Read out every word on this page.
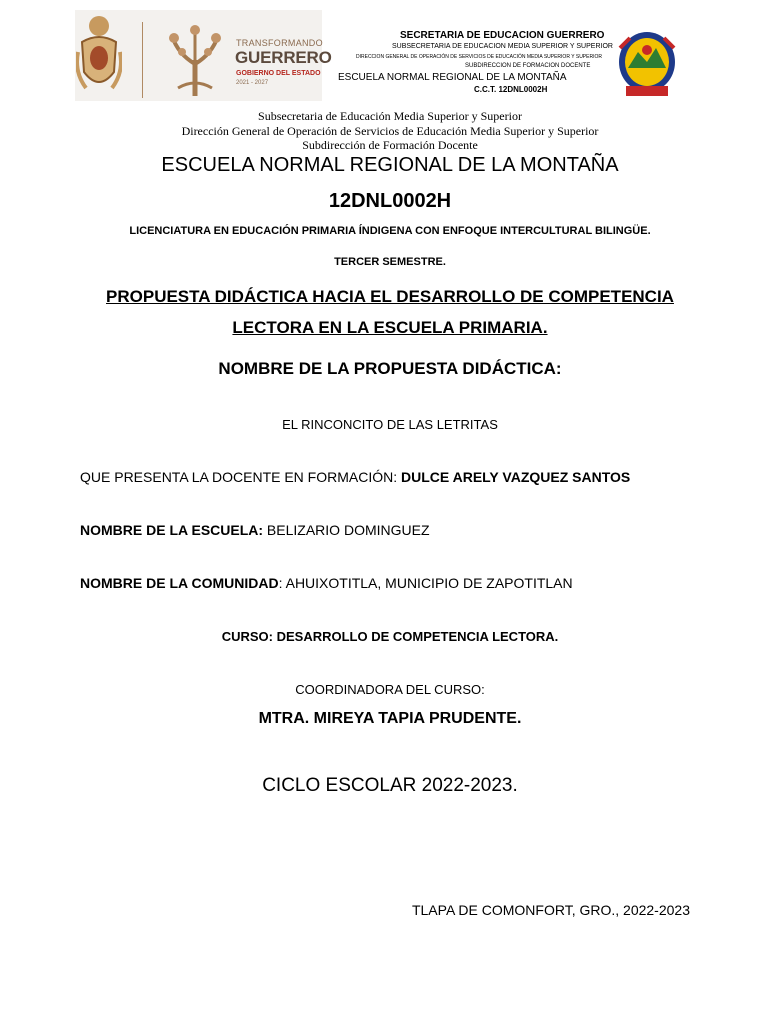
TRANSFORMANDO
GUERRERO
GOBIERNO DEL ESTADO
2021 - 2027
SECRETARIA DE EDUCACION GUERRERO
SUBSECRETARIA DE EDUCACION MEDIA SUPERIOR Y SUPERIOR
DIRECCION GENERAL DE OPERACIÓN DE SERVICIOS DE EDUCACIÓN MEDIA SUPERIOR Y SUPERIOR
SUBDIRECCION DE FORMACION DOCENTE
ESCUELA NORMAL REGIONAL DE LA MONTAÑA
C.C.T. 12DNL0002H
Subsecretaria de Educación Media Superior y Superior
Dirección General de Operación de Servicios de Educación Media Superior y Superior
Subdirección de Formación Docente
ESCUELA NORMAL REGIONAL DE LA MONTAÑA
12DNL0002H
LICENCIATURA EN EDUCACIÓN PRIMARIA ÍNDIGENA CON ENFOQUE INTERCULTURAL BILINGÜE.
TERCER SEMESTRE.
PROPUESTA DIDÁCTICA HACIA EL DESARROLLO DE COMPETENCIA
LECTORA EN LA ESCUELA PRIMARIA.
NOMBRE DE LA PROPUESTA DIDÁCTICA:
EL RINCONCITO DE LAS LETRITAS
QUE PRESENTA LA DOCENTE EN FORMACIÓN: DULCE ARELY VAZQUEZ SANTOS
NOMBRE DE LA ESCUELA: BELIZARIO DOMINGUEZ
NOMBRE DE LA COMUNIDAD: AHUIXOTITLA, MUNICIPIO DE ZAPOTITLAN
CURSO: DESARROLLO DE COMPETENCIA LECTORA.
COORDINADORA DEL CURSO:
MTRA. MIREYA TAPIA PRUDENTE.
CICLO ESCOLAR 2022-2023.
TLAPA DE COMONFORT, GRO., 2022-2023
